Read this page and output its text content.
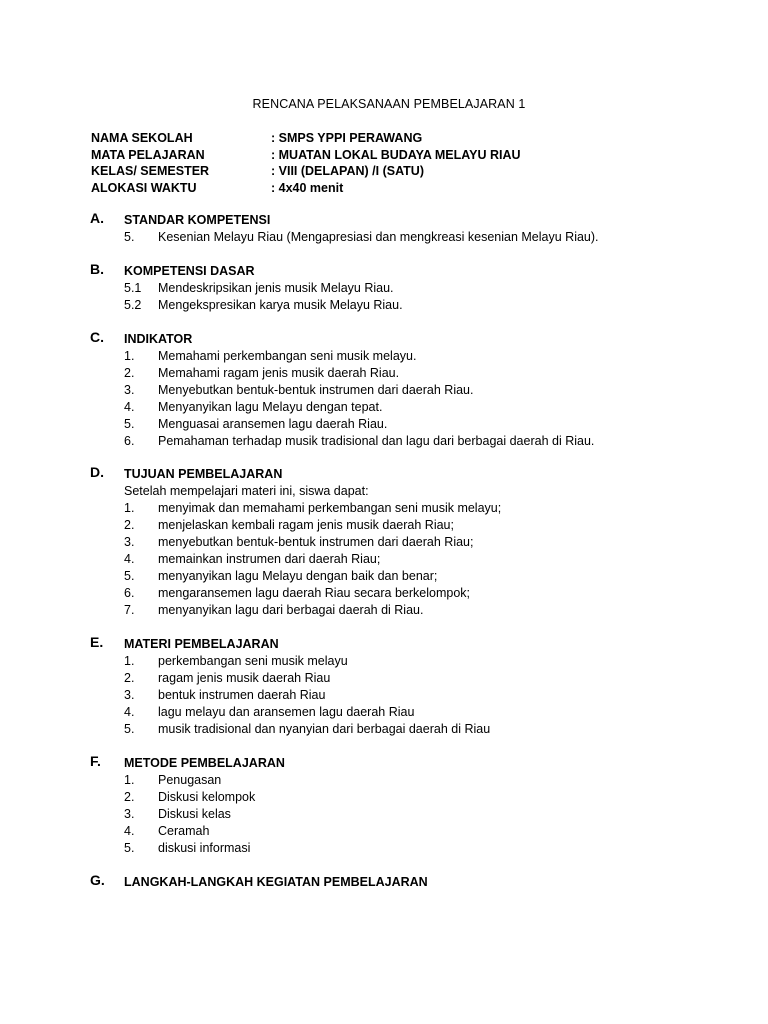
RENCANA PELAKSANAAN PEMBELAJARAN 1
NAMA SEKOLAH	: SMPS YPPI PERAWANG
MATA PELAJARAN	: MUATAN LOKAL BUDAYA MELAYU RIAU
KELAS/ SEMESTER	: VIII (DELAPAN) /I (SATU)
ALOKASI WAKTU	: 4x40 menit
A. STANDAR KOMPETENSI
5. Kesenian Melayu Riau (Mengapresiasi dan mengkreasi kesenian Melayu Riau).
B. KOMPETENSI DASAR
5.1 Mendeskripsikan jenis musik Melayu Riau.
5.2 Mengekspresikan karya musik Melayu Riau.
C. INDIKATOR
1. Memahami perkembangan seni musik melayu.
2. Memahami ragam jenis musik daerah Riau.
3. Menyebutkan bentuk-bentuk instrumen dari daerah Riau.
4. Menyanyikan lagu Melayu dengan tepat.
5. Menguasai aransemen lagu daerah Riau.
6. Pemahaman terhadap musik tradisional dan lagu dari berbagai daerah di Riau.
D. TUJUAN PEMBELAJARAN
Setelah mempelajari materi ini, siswa dapat:
1. menyimak dan memahami perkembangan seni musik melayu;
2. menjelaskan kembali ragam jenis musik daerah Riau;
3. menyebutkan bentuk-bentuk instrumen dari daerah Riau;
4. memainkan instrumen dari daerah Riau;
5. menyanyikan lagu Melayu dengan baik dan benar;
6. mengaransemen lagu daerah Riau secara berkelompok;
7. menyanyikan lagu dari berbagai daerah di Riau.
E. MATERI PEMBELAJARAN
1. perkembangan seni musik melayu
2. ragam jenis musik daerah Riau
3. bentuk instrumen daerah Riau
4. lagu melayu dan aransemen lagu daerah Riau
5. musik tradisional dan nyanyian dari berbagai daerah di Riau
F. METODE PEMBELAJARAN
1. Penugasan
2. Diskusi kelompok
3. Diskusi kelas
4. Ceramah
5. diskusi informasi
G. LANGKAH-LANGKAH KEGIATAN PEMBELAJARAN
